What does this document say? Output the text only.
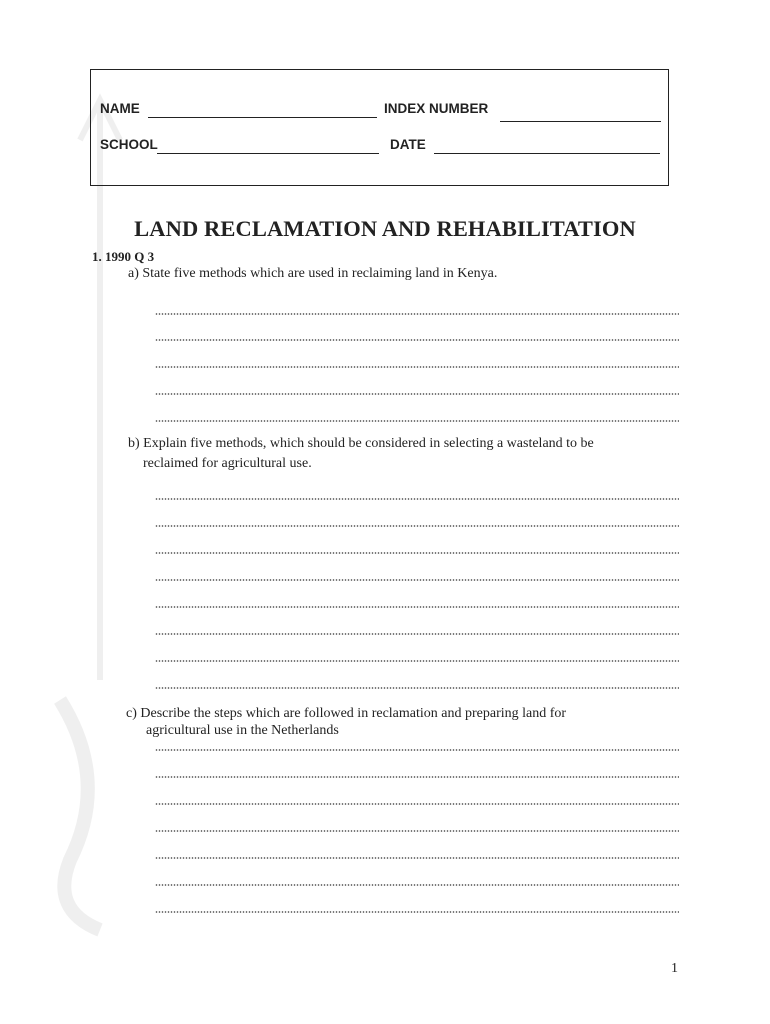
NAME	INDEX NUMBER
SCHOOL	DATE
LAND RECLAMATION AND REHABILITATION
1. 1990 Q 3
a) State five methods which are used in reclaiming land in Kenya.
b) Explain five methods, which should be considered in selecting a wasteland to be
reclaimed for agricultural use.
c) Describe the steps which are followed in reclamation and preparing land for
agricultural use in the Netherlands
1
